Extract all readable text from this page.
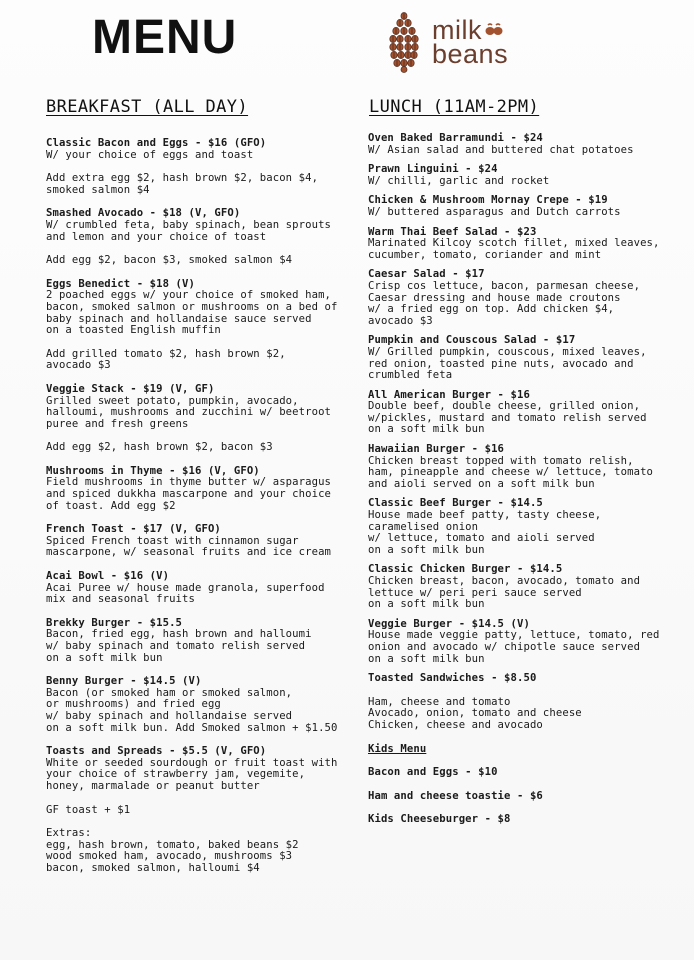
MENU	milk
beans
BREAKFAST (ALL DAY)	LUNCH (11AM-2PM)
Classic Bacon and Eggs - $16 (GFO)
W/ your choice of eggs and toast
Add extra egg $2, hash brown $2, bacon $4,
smoked salmon $4
Smashed Avocado - $18 (V, GFO)
W/ crumbled feta, baby spinach, bean sprouts
and lemon and your choice of toast
Add egg $2, bacon $3, smoked salmon $4
Eggs Benedict - $18 (V)
2 poached eggs w/ your choice of smoked ham,
bacon, smoked salmon or mushrooms on a bed of
baby spinach and hollandaise sauce served
on a toasted English muffin
Add grilled tomato $2, hash brown $2,
avocado $3
Veggie Stack - $19 (V, GF)
Grilled sweet potato, pumpkin, avocado,
halloumi, mushrooms and zucchini w/ beetroot
puree and fresh greens
Add egg $2, hash brown $2, bacon $3
Mushrooms in Thyme - $16 (V, GFO)
Field mushrooms in thyme butter w/ asparagus
and spiced dukkha mascarpone and your choice
of toast. Add egg $2
French Toast - $17 (V, GFO)
Spiced French toast with cinnamon sugar
mascarpone, w/ seasonal fruits and ice cream
Acai Bowl - $16 (V)
Acai Puree w/ house made granola, superfood
mix and seasonal fruits
Brekky Burger - $15.5
Bacon, fried egg, hash brown and halloumi
w/ baby spinach and tomato relish served
on a soft milk bun
Benny Burger - $14.5 (V)
Bacon (or smoked ham or smoked salmon,
or mushrooms) and fried egg
w/ baby spinach and hollandaise served
on a soft milk bun. Add Smoked salmon + $1.50
Toasts and Spreads - $5.5 (V, GFO)
White or seeded sourdough or fruit toast with
your choice of strawberry jam, vegemite,
honey, marmalade or peanut butter
GF toast + $1
Extras:
egg, hash brown, tomato, baked beans $2
wood smoked ham, avocado, mushrooms $3
bacon, smoked salmon, halloumi $4
Oven Baked Barramundi - $24
W/ Asian salad and buttered chat potatoes
Prawn Linguini - $24
W/ chilli, garlic and rocket
Chicken & Mushroom Mornay Crepe - $19
W/ buttered asparagus and Dutch carrots
Warm Thai Beef Salad - $23
Marinated Kilcoy scotch fillet, mixed leaves,
cucumber, tomato, coriander and mint
Caesar Salad - $17
Crisp cos lettuce, bacon, parmesan cheese,
Caesar dressing and house made croutons
w/ a fried egg on top. Add chicken $4,
avocado $3
Pumpkin and Couscous Salad - $17
W/ Grilled pumpkin, couscous, mixed leaves,
red onion, toasted pine nuts, avocado and
crumbled feta
All American Burger - $16
Double beef, double cheese, grilled onion,
w/pickles, mustard and tomato relish served
on a soft milk bun
Hawaiian Burger - $16
Chicken breast topped with tomato relish,
ham, pineapple and cheese w/ lettuce, tomato
and aioli served on a soft milk bun
Classic Beef Burger - $14.5
House made beef patty, tasty cheese,
caramelised onion
w/ lettuce, tomato and aioli served
on a soft milk bun
Classic Chicken Burger - $14.5
Chicken breast, bacon, avocado, tomato and
lettuce w/ peri peri sauce served
on a soft milk bun
Veggie Burger - $14.5 (V)
House made veggie patty, lettuce, tomato, red
onion and avocado w/ chipotle sauce served
on a soft milk bun
Toasted Sandwiches - $8.50
Ham, cheese and tomato
Avocado, onion, tomato and cheese
Chicken, cheese and avocado
Kids Menu
Bacon and Eggs - $10
Ham and cheese toastie - $6
Kids Cheeseburger - $8
